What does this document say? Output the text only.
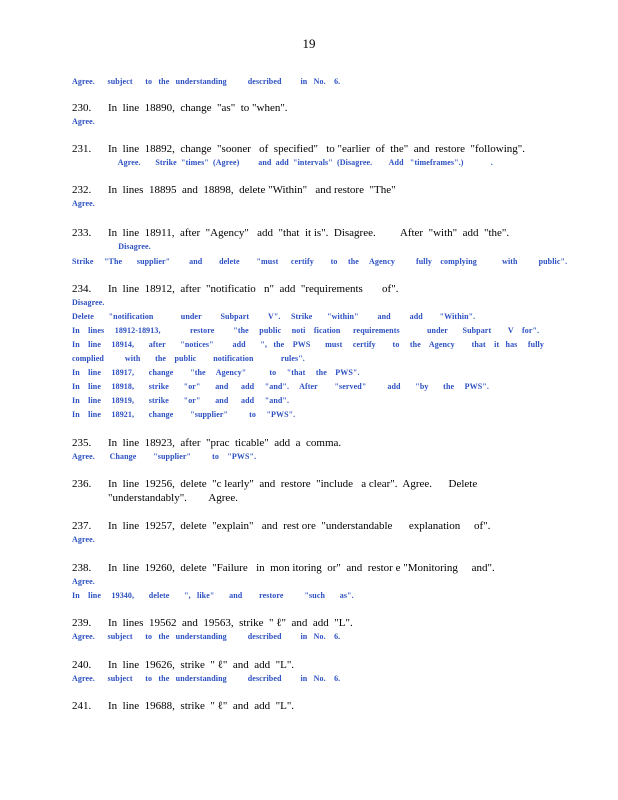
19
Agree.      subject      to   the   understanding          described         in   No.    6.
230.	In  line  18890,  change  "as"  to "when".
Agree.
231.	In  line  18892,  change  "sooner   of  specified"   to "earlier  of  the"  and  restore  "following".
Agree.       Strike  "times"  (Agree)         and  add  "intervals"  (Disagree.        Add   "timeframes".)             .
232.	In  lines  18895  and  18898,  delete "Within"   and restore  "The"
Agree.
233.	In  line  18911,  after  "Agency"   add  "that  it is".  Disagree.         After  "with"  add  "the".
Disagree.
Strike     "The       supplier"         and        delete        "must      certify        to     the     Agency          fully    complying            with          public".
234.	In  line  18912,  after  "notificatio   n"  add  "requirements       of".
Disagree.
Delete       "notification             under         Subpart         V".     Strike       "within"         and         add        "Within".
In    lines     18912-18913,              restore         "the     public     noti    fication      requirements             under       Subpart        V    for".
In    line     18914,       after       "notices"         add       ",   the    PWS       must     certify        to     the    Agency        that    it   has     fully
complied          with       the    public        notification             rules".
In    line     18917,       change        "the     Agency"           to     "that     the    PWS".
In    line     18918,       strike       "or"       and      add     "and".     After        "served"          add       "by       the     PWS".
In    line     18919,       strike       "or"       and      add     "and".
In    line     18921,       change        "supplier"          to     "PWS".
235.	In  line  18923,  after  "prac  ticable"  add  a  comma.
Agree.       Change        "supplier"          to    "PWS".
236.	In  line  19256,  delete  "c learly"  and  restore  "include   a clear".  Agree.      Delete
"understandably".        Agree.
237.	In  line  19257,  delete  "explain"   and  rest ore  "understandable      explanation     of".
Agree.
238.	In  line  19260,  delete  "Failure   in  mon itoring  or"  and  restor e "Monitoring     and".
Agree.
In    line     19340,       delete       ",   like"       and        restore          "such       as".
239.	In  lines  19562  and  19563,  strike  " ℓ"  and  add  "L".
Agree.      subject      to   the   understanding          described         in   No.    6.
240.	In  line  19626,  strike  " ℓ"  and  add  "L".
Agree.      subject      to   the   understanding          described         in   No.    6.
241.	In  line  19688,  strike  " ℓ"  and  add  "L".
